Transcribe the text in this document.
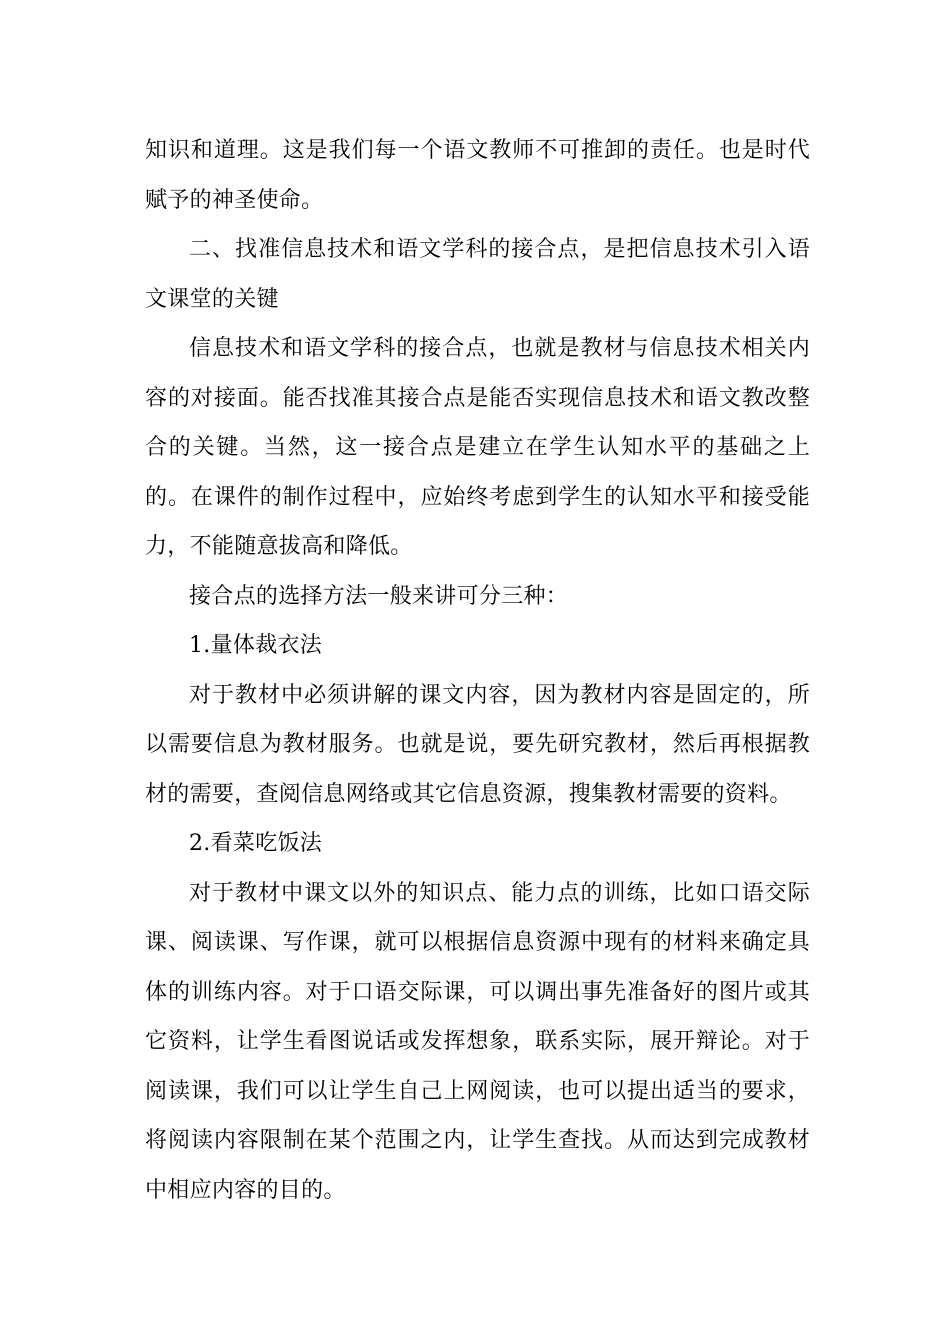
知识和道理。这是我们每一个语文教师不可推卸的责任。也是时代赋予的神圣使命。

二、找准信息技术和语文学科的接合点，是把信息技术引入语文课堂的关键

信息技术和语文学科的接合点，也就是教材与信息技术相关内容的对接面。能否找准其接合点是能否实现信息技术和语文教改整合的关键。当然，这一接合点是建立在学生认知水平的基础之上的。在课件的制作过程中，应始终考虑到学生的认知水平和接受能力，不能随意拔高和降低。

接合点的选择方法一般来讲可分三种：

1.量体裁衣法

对于教材中必须讲解的课文内容，因为教材内容是固定的，所以需要信息为教材服务。也就是说，要先研究教材，然后再根据教材的需要，查阅信息网络或其它信息资源，搜集教材需要的资料。

2.看菜吃饭法

对于教材中课文以外的知识点、能力点的训练，比如口语交际课、阅读课、写作课，就可以根据信息资源中现有的材料来确定具体的训练内容。对于口语交际课，可以调出事先准备好的图片或其它资料，让学生看图说话或发挥想象，联系实际，展开辩论。对于阅读课，我们可以让学生自己上网阅读，也可以提出适当的要求，将阅读内容限制在某个范围之内，让学生查找。从而达到完成教材中相应内容的目的。
